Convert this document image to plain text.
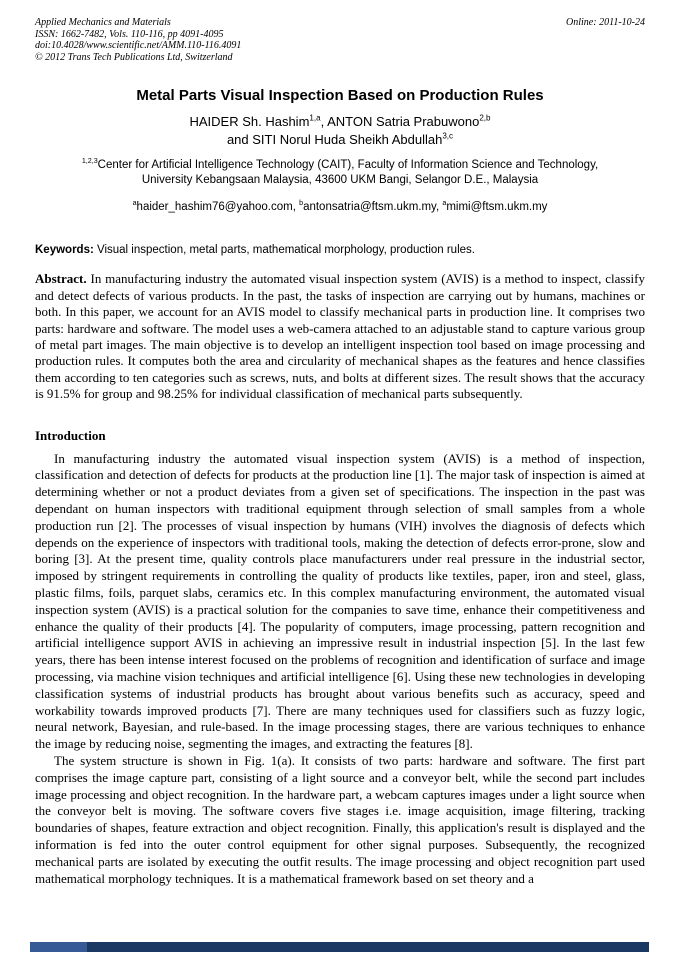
Applied Mechanics and Materials
ISSN: 1662-7482, Vols. 110-116, pp 4091-4095
doi:10.4028/www.scientific.net/AMM.110-116.4091
© 2012 Trans Tech Publications Ltd, Switzerland
Online: 2011-10-24
Metal Parts Visual Inspection Based on Production Rules
HAIDER Sh. Hashim$^{1,a}$, ANTON Satria Prabuwono$^{2,b}$
and SITI Norul Huda Sheikh Abdullah$^{3,c}$
$^{1,2,3}$Center for Artificial Intelligence Technology (CAIT), Faculty of Information Science and Technology, University Kebangsaan Malaysia, 43600 UKM Bangi, Selangor D.E., Malaysia
$^a$haider_hashim76@yahoo.com, $^b$antonsatria@ftsm.ukm.my, $^a$mimi@ftsm.ukm.my

Keywords: Visual inspection, metal parts, mathematical morphology, production rules.

Abstract. In manufacturing industry the automated visual inspection system (AVIS) is a method to inspect, classify and detect defects of various products. In the past, the tasks of inspection are carrying out by humans, machines or both. In this paper, we account for an AVIS model to classify mechanical parts in production line. It comprises two parts: hardware and software. The model uses a web-camera attached to an adjustable stand to capture various group of metal part images. The main objective is to develop an intelligent inspection tool based on image processing and production rules. It computes both the area and circularity of mechanical shapes as the features and hence classifies them according to ten categories such as screws, nuts, and bolts at different sizes. The result shows that the accuracy is 91.5% for group and 98.25% for individual classification of mechanical parts subsequently.

Introduction

In manufacturing industry the automated visual inspection system (AVIS) is a method of inspection, classification and detection of defects for products at the production line [1]. The major task of inspection is aimed at determining whether or not a product deviates from a given set of specifications. The inspection in the past was dependant on human inspectors with traditional equipment through selection of small samples from a whole production run [2]. The processes of visual inspection by humans (VIH) involves the diagnosis of defects which depends on the experience of inspectors with traditional tools, making the detection of defects error-prone, slow and boring [3]. At the present time, quality controls place manufacturers under real pressure in the industrial sector, imposed by stringent requirements in controlling the quality of products like textiles, paper, iron and steel, glass, plastic films, foils, parquet slabs, ceramics etc. In this complex manufacturing environment, the automated visual inspection system (AVIS) is a practical solution for the companies to save time, enhance their competitiveness and enhance the quality of their products [4]. The popularity of computers, image processing, pattern recognition and artificial intelligence support AVIS in achieving an impressive result in industrial inspection [5]. In the last few years, there has been intense interest focused on the problems of recognition and identification of surface and image processing, via machine vision techniques and artificial intelligence [6]. Using these new technologies in developing classification systems of industrial products has brought about various benefits such as accuracy, speed and workability towards improved products [7]. There are many techniques used for classifiers such as fuzzy logic, neural network, Bayesian, and rule-based. In the image processing stages, there are various techniques to enhance the image by reducing noise, segmenting the images, and extracting the features [8].

The system structure is shown in Fig. 1(a). It consists of two parts: hardware and software. The first part comprises the image capture part, consisting of a light source and a conveyor belt, while the second part includes image processing and object recognition. In the hardware part, a webcam captures images under a light source when the conveyor belt is moving. The software covers five stages i.e. image acquisition, image filtering, tracking boundaries of shapes, feature extraction and object recognition. Finally, this application's result is displayed and the information is fed into the outer control equipment for other signal purposes. Subsequently, the recognized mechanical parts are isolated by executing the outfit results. The image processing and object recognition part used mathematical morphology techniques. It is a mathematical framework based on set theory and a
